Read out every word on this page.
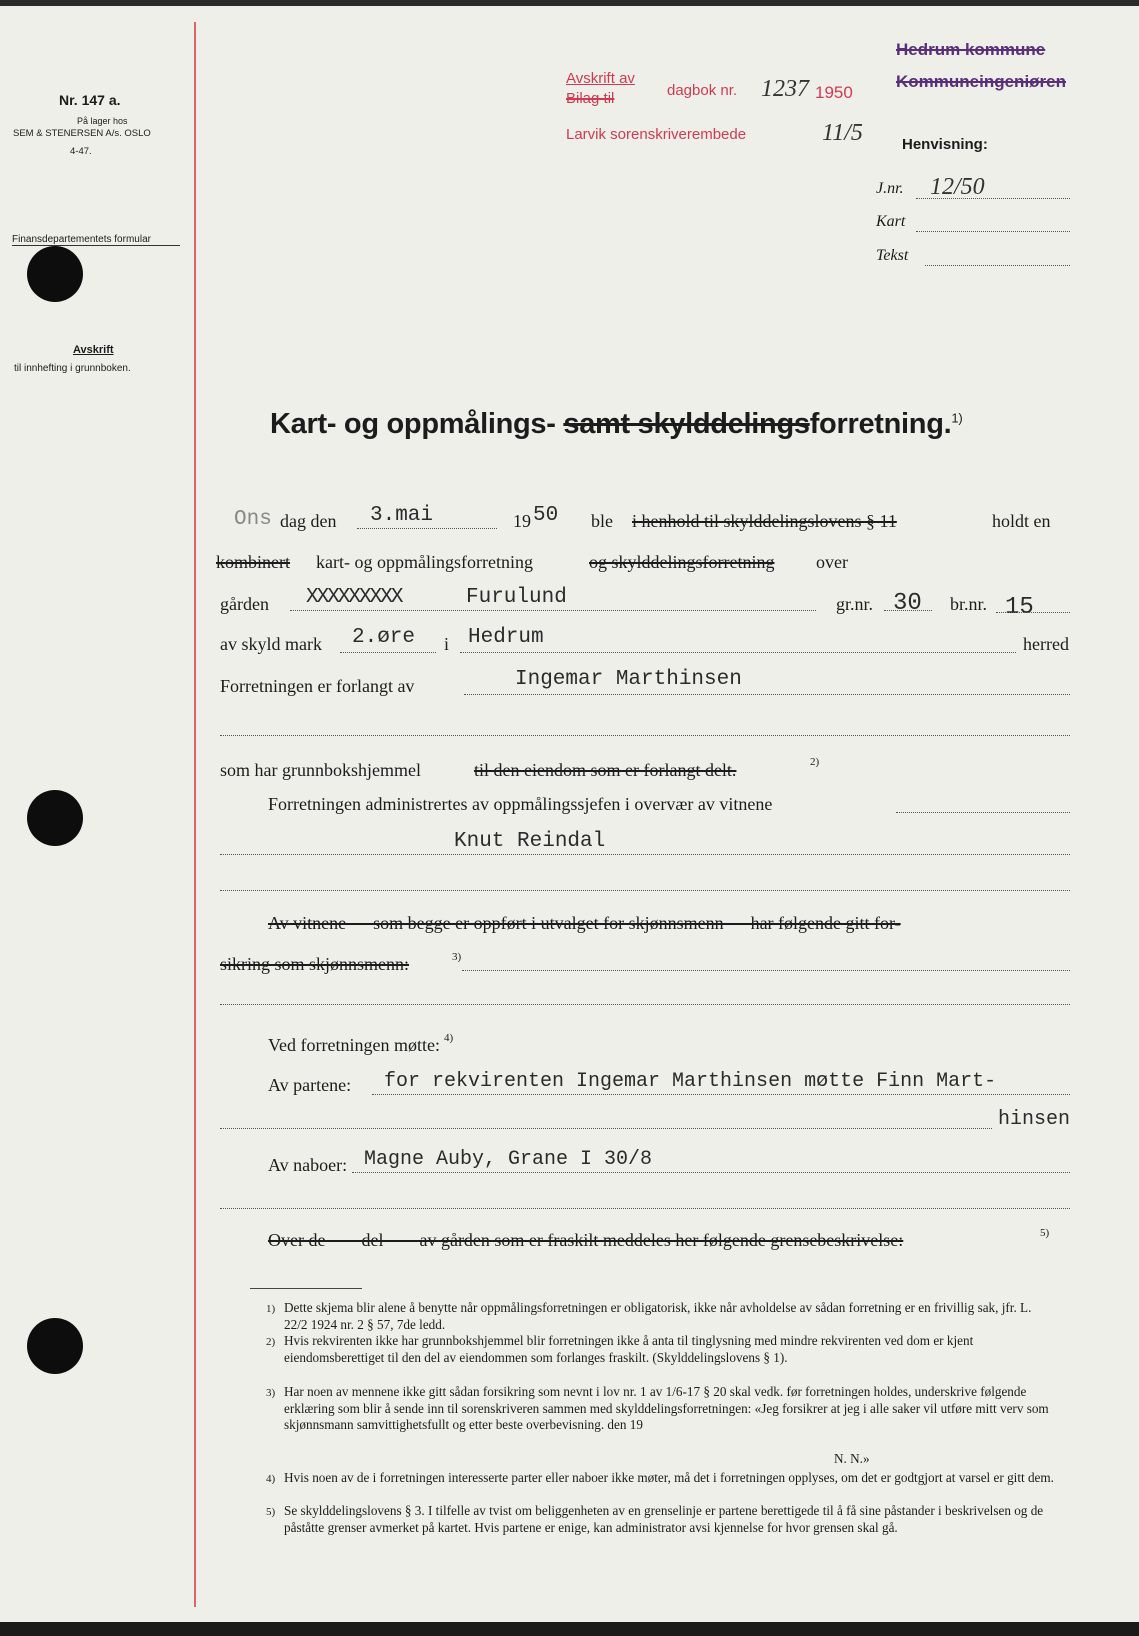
Nr. 147 a.
På lager hos
SEM & STENERSEN A/s. OSLO
4-47.
Finansdepartementets formular
Avskrift
til innhefting i grunnboken.
Avskrift av
Bilag til	dagbok nr. 1237 1950
Larvik sorenskriverembede	11/5
Hedrum kommune
Kommuneingeniøren
Henvisning:
J.nr. 12/50
Kart
Tekst
Kart- og oppmålings- samt skylddelingsforretning.$^{1)}$
Ons dag den 3.mai	19 50 ble i henhold til skylddelingslovens § 11	holdt en
kombinert kart- og oppmålingsforretning	og skylddelingsforretning over
gården XXXXXXXXX	Furulund	gr.nr. 30 br.nr. 15
av skyld mark 2.øre i Hedrum	herred
Forretningen er forlangt av	Ingemar Marthinsen
som har grunnbokshjemmel	til den eiendom som er forlangt delt.	2)
Forretningen administrertes av oppmålingssjefen i overvær av vitnene
Knut Reindal
Av vitnene — som begge er oppført i utvalget for skjønnsmenn — har følgende gitt for-
sikring som skjønnsmenn:	3)
Ved forretningen møtte: 4)
Av partene: for rekvirenten Ingemar Marthinsen møtte Finn Mart-
hinsen
Av naboer: Magne Auby, Grane I 30/8
Over de        del        av gården som er fraskilt meddeles her følgende grensebeskrivelse:	5)
1) Dette skjema blir alene å benytte når oppmålingsforretningen er obligatorisk, ikke når avholdelse av sådan forretning er en frivillig sak, jfr. L. 22/2 1924 nr. 2 § 57, 7de ledd.
2) Hvis rekvirenten ikke har grunnbokshjemmel blir forretningen ikke å anta til tinglysning med mindre rekvirenten ved dom er kjent eiendomsberettiget til den del av eiendommen som forlanges fraskilt. (Skylddelingslovens § 1).
3) Har noen av mennene ikke gitt sådan forsikring som nevnt i lov nr. 1 av 1/6-17 § 20 skal vedk. før forretningen holdes, underskrive følgende erklæring som blir å sende inn til sorenskriveren sammen med skylddelingsforretningen: «Jeg forsikrer at jeg i alle saker vil utføre mitt verv som skjønnsmann samvittighetsfullt og etter beste overbevisning. den 19
N. N.»
4) Hvis noen av de i forretningen interesserte parter eller naboer ikke møter, må det i forretningen opplyses, om det er godtgjort at varsel er gitt dem.
5) Se skylddelingslovens § 3. I tilfelle av tvist om beliggenheten av en grenselinje er partene berettigede til å få sine påstander i beskrivelsen og de påståtte grenser avmerket på kartet. Hvis partene er enige, kan administrator avsi kjennelse for hvor grensen skal gå.
